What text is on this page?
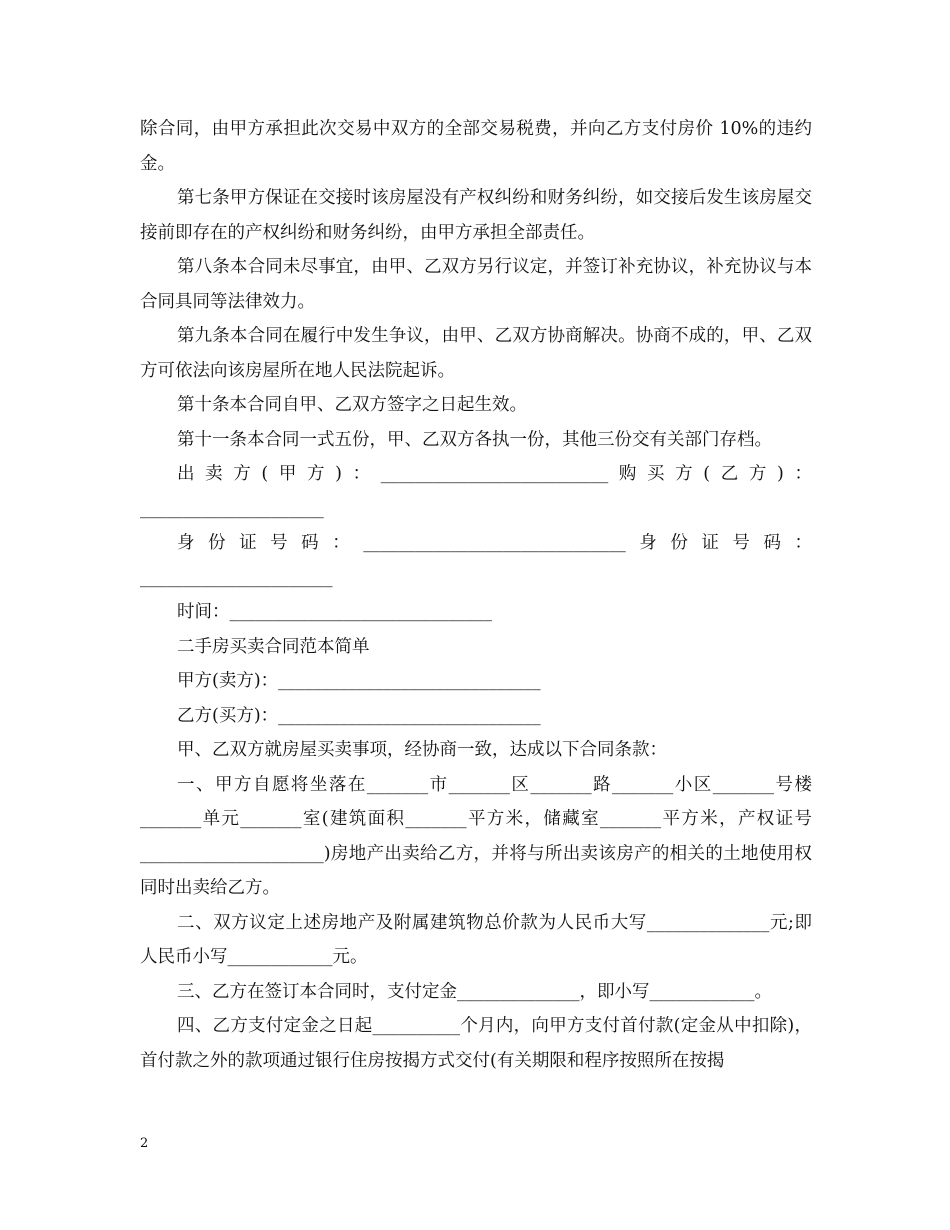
除合同，由甲方承担此次交易中双方的全部交易税费，并向乙方支付房价 10%的违约金。

第七条甲方保证在交接时该房屋没有产权纠纷和财务纠纷，如交接后发生该房屋交接前即存在的产权纠纷和财务纠纷，由甲方承担全部责任。

第八条本合同未尽事宜，由甲、乙双方另行议定，并签订补充协议，补充协议与本合同具同等法律效力。

第九条本合同在履行中发生争议，由甲、乙双方协商解决。协商不成的，甲、乙双方可依法向该房屋所在地人民法院起诉。

第十条本合同自甲、乙双方签字之日起生效。

第十一条本合同一式五份，甲、乙双方各执一份，其他三份交有关部门存档。

出卖方(甲方)：__________________________购买方(乙方)：_____________________

身份证号码：______________________________身份证号码：______________________

时间：______________________________

二手房买卖合同范本简单

甲方(卖方)：______________________________

乙方(买方)：______________________________

甲、乙双方就房屋买卖事项，经协商一致，达成以下合同条款：

一、甲方自愿将坐落在_______市_______区_______路_______小区_______号楼_______单元_______室(建筑面积_______平方米，储藏室_______平方米，产权证号_____________________)房地产出卖给乙方，并将与所出卖该房产的相关的土地使用权同时出卖给乙方。

二、双方议定上述房地产及附属建筑物总价款为人民币大写______________元;即人民币小写____________元。

三、乙方在签订本合同时，支付定金______________，即小写____________。

四、乙方支付定金之日起__________个月内，向甲方支付首付款(定金从中扣除)，首付款之外的款项通过银行住房按揭方式交付(有关期限和程序按照所在按揭

2
